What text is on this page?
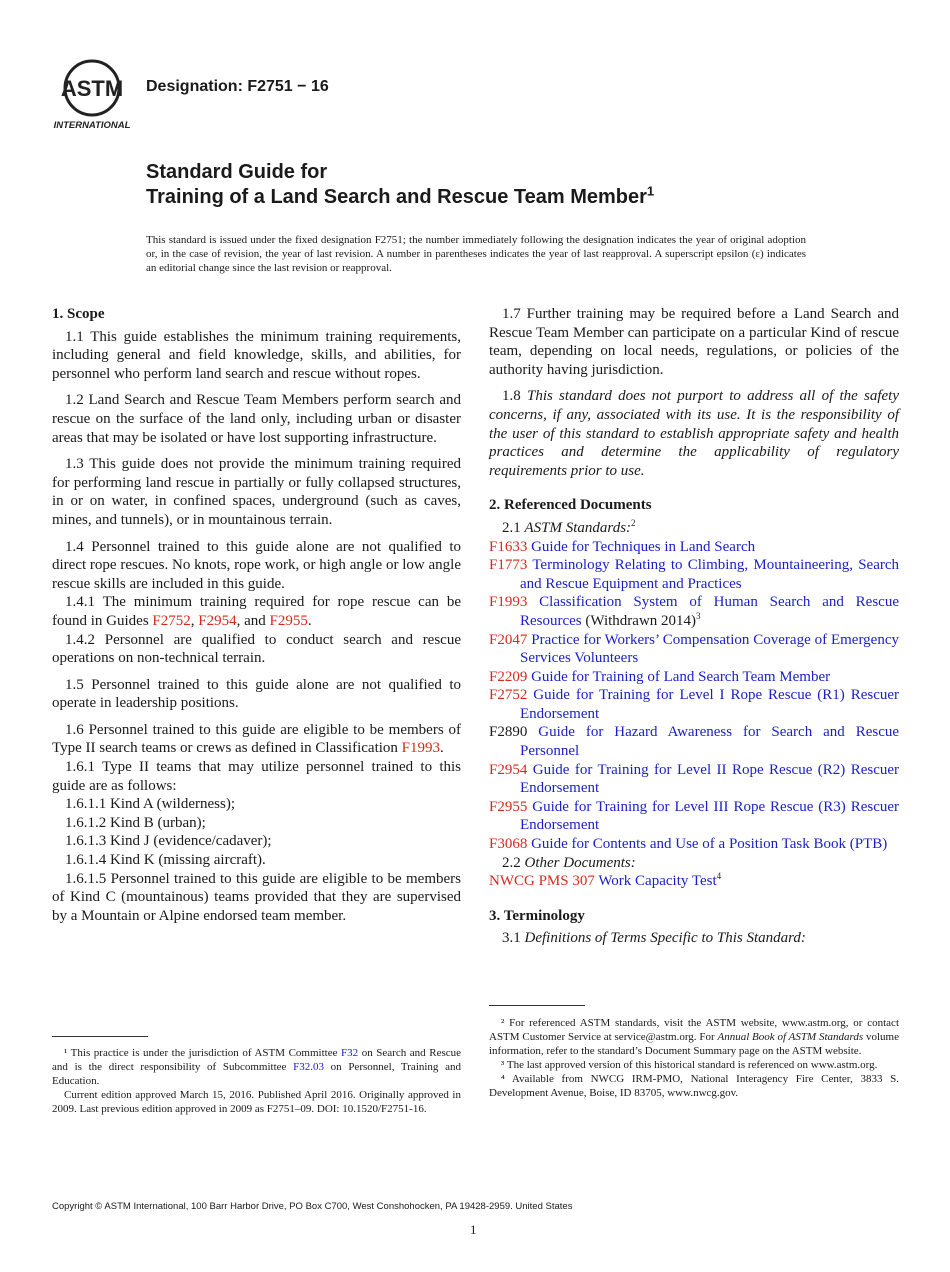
ASTM
INTERNATIONAL
Designation: F2751 − 16
Standard Guide for
Training of a Land Search and Rescue Team Member$^1$
This standard is issued under the fixed designation F2751; the number immediately following the designation indicates the year of original adoption or, in the case of revision, the year of last revision. A number in parentheses indicates the year of last reapproval. A superscript epsilon (ε) indicates an editorial change since the last revision or reapproval.
1. Scope

1.1 This guide establishes the minimum training requirements, including general and field knowledge, skills, and abilities, for personnel who perform land search and rescue without ropes.

1.2 Land Search and Rescue Team Members perform search and rescue on the surface of the land only, including urban or disaster areas that may be isolated or have lost supporting infrastructure.

1.3 This guide does not provide the minimum training required for performing land rescue in partially or fully collapsed structures, in or on water, in confined spaces, underground (such as caves, mines, and tunnels), or in mountainous terrain.

1.4 Personnel trained to this guide alone are not qualified to direct rope rescues. No knots, rope work, or high angle or low angle rescue skills are included in this guide.

1.4.1 The minimum training required for rope rescue can be found in Guides F2752, F2954, and F2955.

1.4.2 Personnel are qualified to conduct search and rescue operations on non-technical terrain.

1.5 Personnel trained to this guide alone are not qualified to operate in leadership positions.

1.6 Personnel trained to this guide are eligible to be members of Type II search teams or crews as defined in Classification F1993.

1.6.1 Type II teams that may utilize personnel trained to this guide are as follows:

1.6.1.1 Kind A (wilderness);

1.6.1.2 Kind B (urban);

1.6.1.3 Kind J (evidence/cadaver);

1.6.1.4 Kind K (missing aircraft).

1.6.1.5 Personnel trained to this guide are eligible to be members of Kind C (mountainous) teams provided that they are supervised by a Mountain or Alpine endorsed team member.

¹ This practice is under the jurisdiction of ASTM Committee F32 on Search and Rescue and is the direct responsibility of Subcommittee F32.03 on Personnel, Training and Education.

Current edition approved March 15, 2016. Published April 2016. Originally approved in 2009. Last previous edition approved in 2009 as F2751–09. DOI: 10.1520/F2751-16.

1.7 Further training may be required before a Land Search and Rescue Team Member can participate on a particular Kind of rescue team, depending on local needs, regulations, or policies of the authority having jurisdiction.

1.8 This standard does not purport to address all of the safety concerns, if any, associated with its use. It is the responsibility of the user of this standard to establish appropriate safety and health practices and determine the applicability of regulatory requirements prior to use.

2. Referenced Documents

2.1 ASTM Standards:$^2$

F1633 Guide for Techniques in Land Search

F1773 Terminology Relating to Climbing, Mountaineering, Search and Rescue Equipment and Practices

F1993 Classification System of Human Search and Rescue Resources (Withdrawn 2014)$^3$

F2047 Practice for Workers’ Compensation Coverage of Emergency Services Volunteers

F2209 Guide for Training of Land Search Team Member

F2752 Guide for Training for Level I Rope Rescue (R1) Rescuer Endorsement

F2890 Guide for Hazard Awareness for Search and Rescue Personnel

F2954 Guide for Training for Level II Rope Rescue (R2) Rescuer Endorsement

F2955 Guide for Training for Level III Rope Rescue (R3) Rescuer Endorsement

F3068 Guide for Contents and Use of a Position Task Book (PTB)

2.2 Other Documents:

NWCG PMS 307 Work Capacity Test$^4$

3. Terminology

3.1 Definitions of Terms Specific to This Standard:

² For referenced ASTM standards, visit the ASTM website, www.astm.org, or contact ASTM Customer Service at service@astm.org. For Annual Book of ASTM Standards volume information, refer to the standard’s Document Summary page on the ASTM website.

³ The last approved version of this historical standard is referenced on www.astm.org.

⁴ Available from NWCG IRM-PMO, National Interagency Fire Center, 3833 S. Development Avenue, Boise, ID 83705, www.nwcg.gov.

Copyright © ASTM International, 100 Barr Harbor Drive, PO Box C700, West Conshohocken, PA 19428-2959. United States
1
